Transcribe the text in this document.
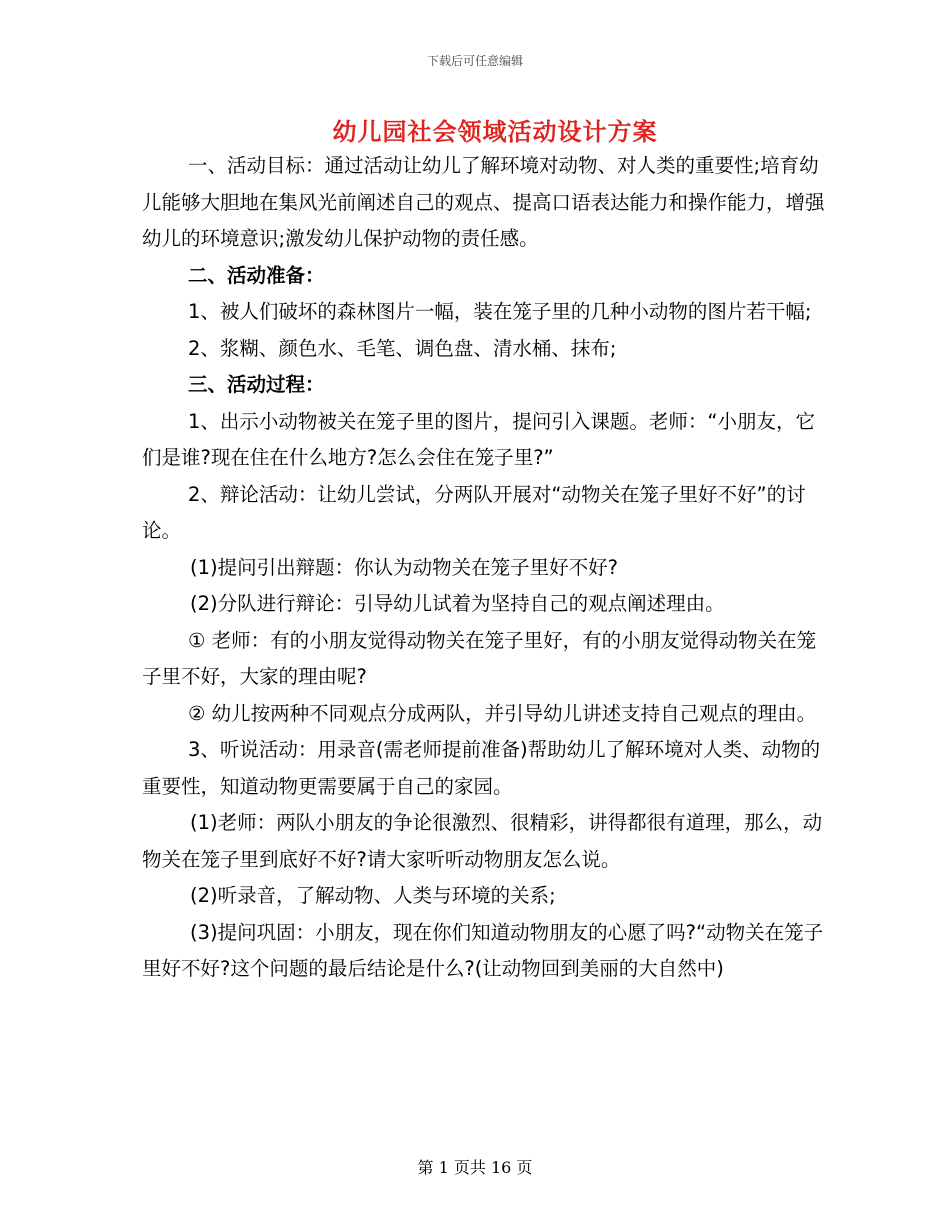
下载后可任意编辑
幼儿园社会领域活动设计方案

一、活动目标：通过活动让幼儿了解环境对动物、对人类的重要性;培育幼儿能够大胆地在集风光前阐述自己的观点、提高口语表达能力和操作能力，增强幼儿的环境意识;激发幼儿保护动物的责任感。

二、活动准备：

1、被人们破坏的森林图片一幅，装在笼子里的几种小动物的图片若干幅;

2、浆糊、颜色水、毛笔、调色盘、清水桶、抹布;

三、活动过程：

1、出示小动物被关在笼子里的图片，提问引入课题。老师：“小朋友，它们是谁?现在住在什么地方?怎么会住在笼子里?”

2、辩论活动：让幼儿尝试，分两队开展对“动物关在笼子里好不好”的讨论。

(1)提问引出辩题：你认为动物关在笼子里好不好?

(2)分队进行辩论：引导幼儿试着为坚持自己的观点阐述理由。

① 老师：有的小朋友觉得动物关在笼子里好，有的小朋友觉得动物关在笼子里不好，大家的理由呢?

② 幼儿按两种不同观点分成两队，并引导幼儿讲述支持自己观点的理由。

3、听说活动：用录音(需老师提前准备)帮助幼儿了解环境对人类、动物的重要性，知道动物更需要属于自己的家园。

(1)老师：两队小朋友的争论很激烈、很精彩，讲得都很有道理，那么，动物关在笼子里到底好不好?请大家听听动物朋友怎么说。

(2)听录音，了解动物、人类与环境的关系;

(3)提问巩固：小朋友，现在你们知道动物朋友的心愿了吗?“动物关在笼子里好不好?这个问题的最后结论是什么?(让动物回到美丽的大自然中)

第 1 页共 16 页
